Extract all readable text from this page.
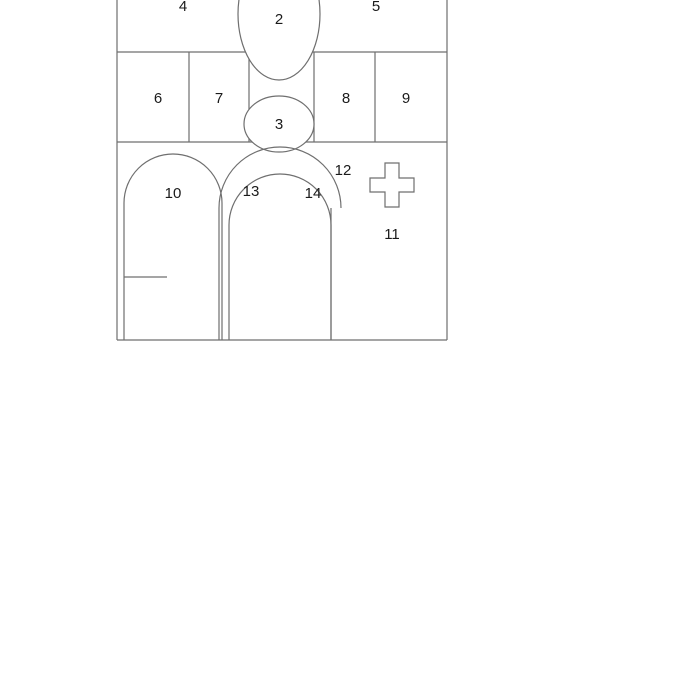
2
4	5
6	7	8	9
3
12
10	13	14
11
